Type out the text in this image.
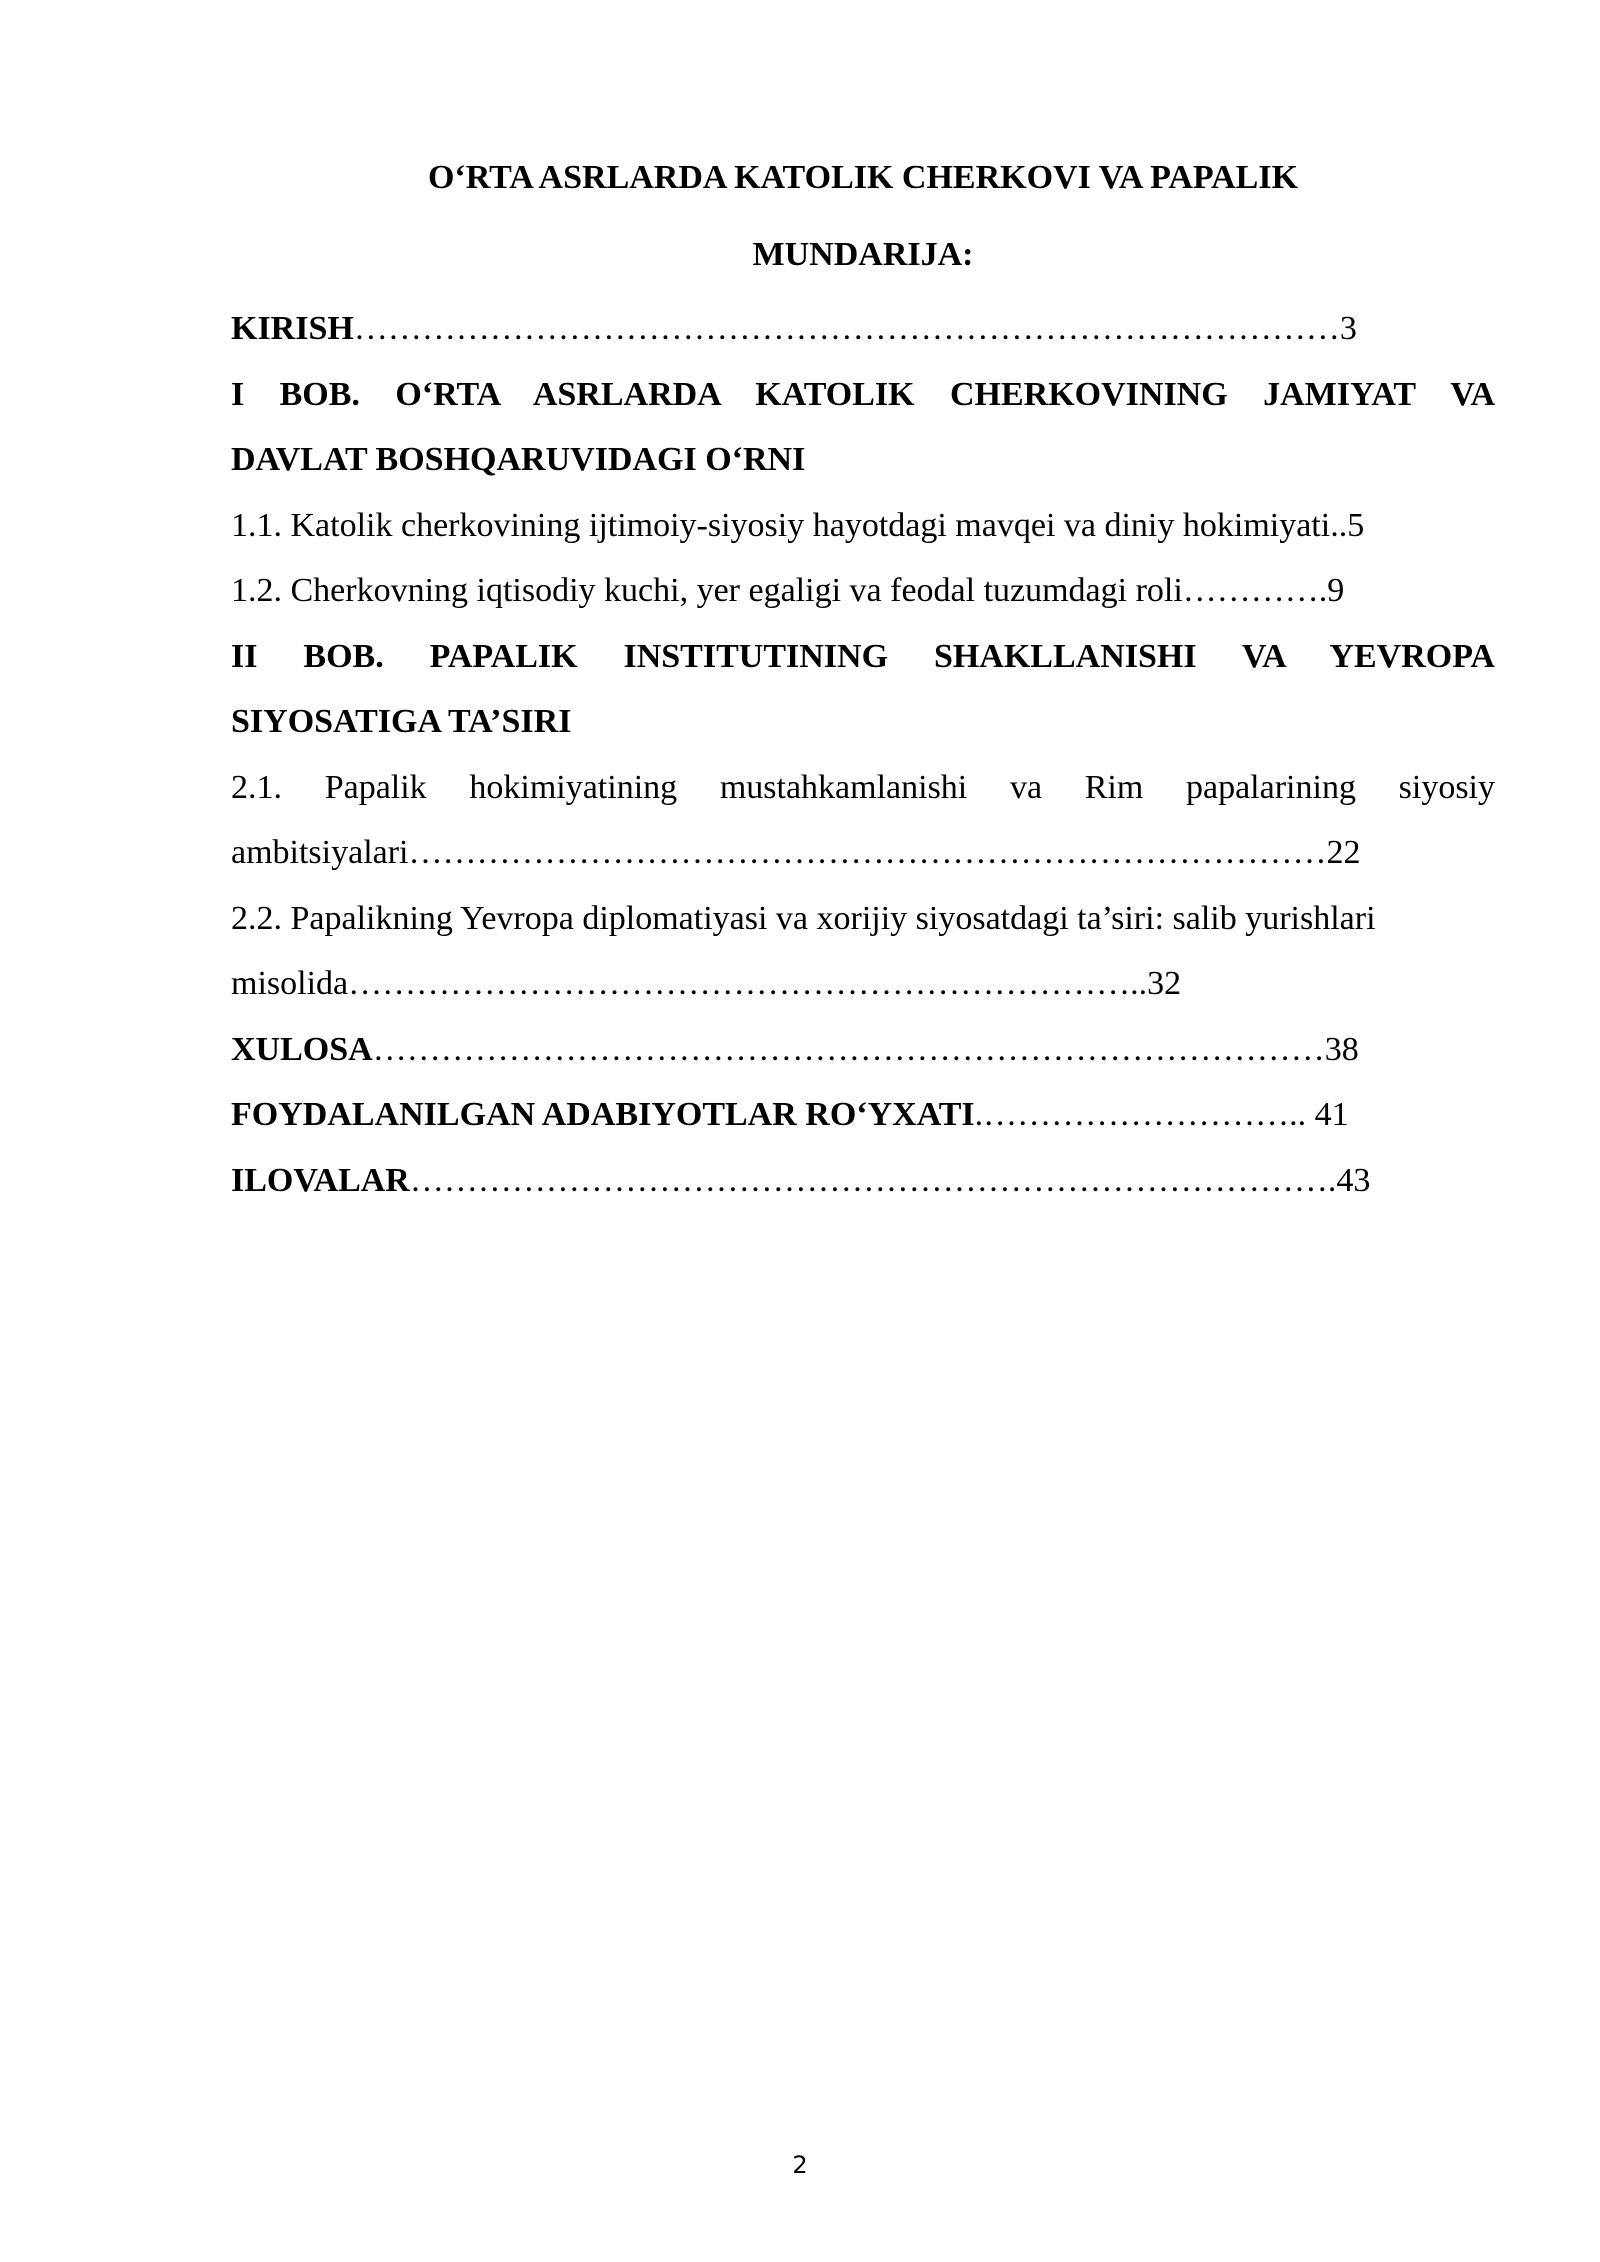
O‘RTA ASRLARDA KATOLIK CHERKOVI VA PAPALIK
MUNDARIJA:
KIRISH……………………………………………………………………………3
I BOB. O‘RTA ASRLARDA KATOLIK CHERKOVINING JAMIYAT VA
DAVLAT BOSHQARUVIDAGI O‘RNI
1.1. Katolik cherkovining ijtimoiy-siyosiy hayotdagi mavqei va diniy hokimiyati..5
1.2. Cherkovning iqtisodiy kuchi, yer egaligi va feodal tuzumdagi roli………….9
II BOB. PAPALIK INSTITUTINING SHAKLLANISHI VA YEVROPA
SIYOSATIGA TA’SIRI
2.1. Papalik hokimiyatining mustahkamlanishi va Rim papalarining siyosiy
ambitsiyalari………………………………………………………………………22
2.2. Papalikning Yevropa diplomatiyasi va xorijiy siyosatdagi ta’siri: salib yurishlari
misolida……………………………………………………………..32
XULOSA…………………………………………………………………………38
FOYDALANILGAN ADABIYOTLAR RO‘YXATI.……………………….. 41
ILOVALAR……………………………………………………………………….43
2
